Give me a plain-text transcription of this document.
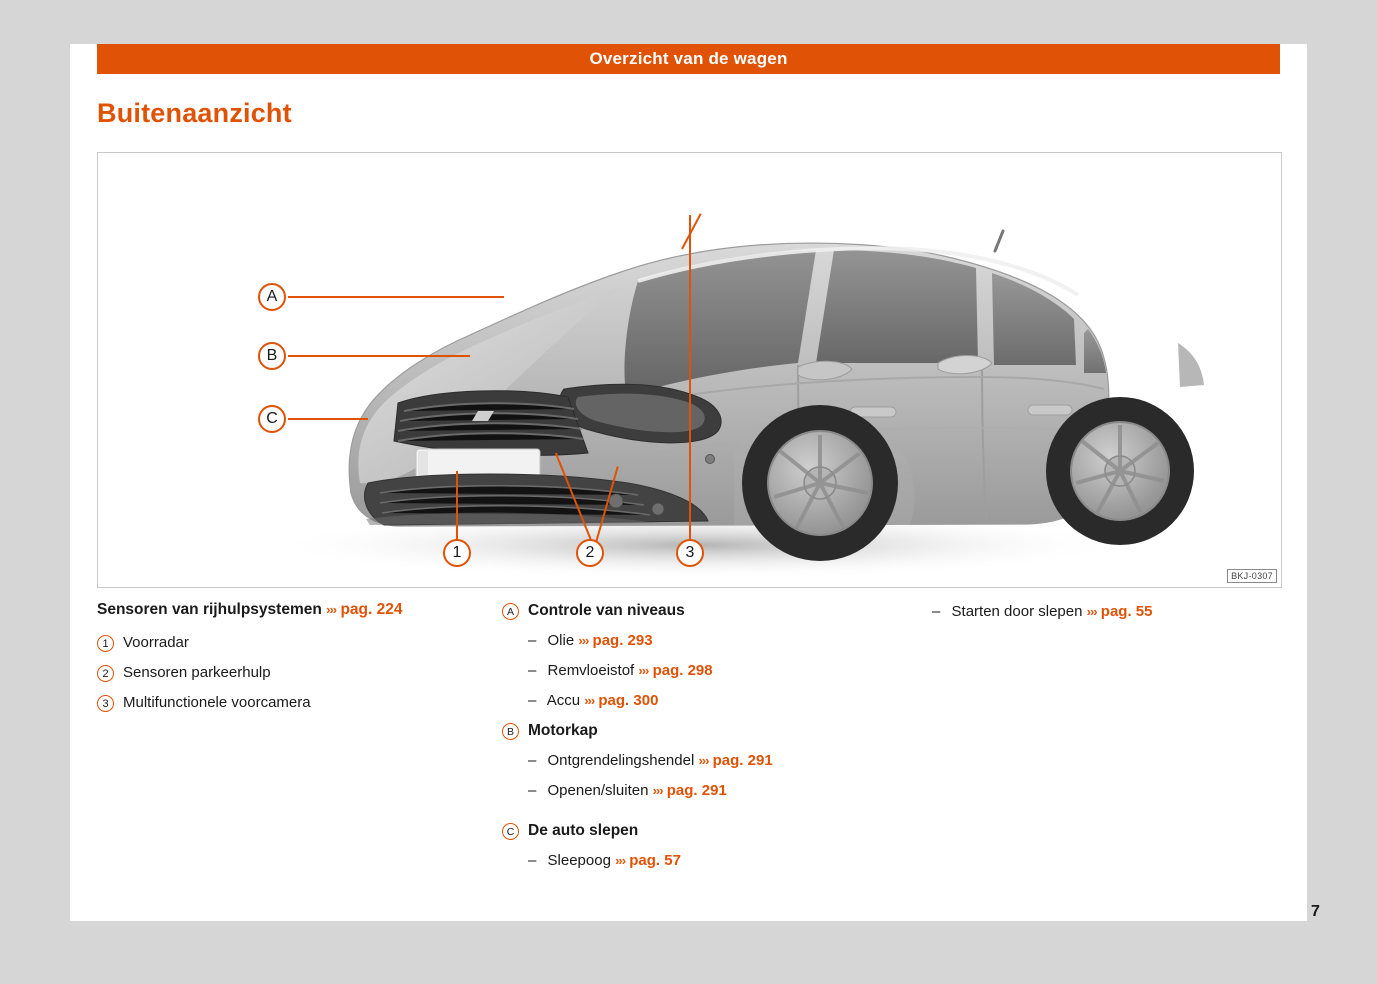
Overzicht van de wagen
Buitenaanzicht
A
B
C
1	2	3
BKJ-0307
Sensoren van rijhulpsystemen ››› pag. 224
1 Voorradar
2 Sensoren parkeerhulp
3 Multifunctionele voorcamera
A Controle van niveaus
– Olie ››› pag. 293
– Remvloeistof ››› pag. 298
– Accu ››› pag. 300
B Motorkap
– Ontgrendelingshendel ››› pag. 291
– Openen/sluiten ››› pag. 291
C De auto slepen
– Sleepoog ››› pag. 57
– Starten door slepen ››› pag. 55
7
